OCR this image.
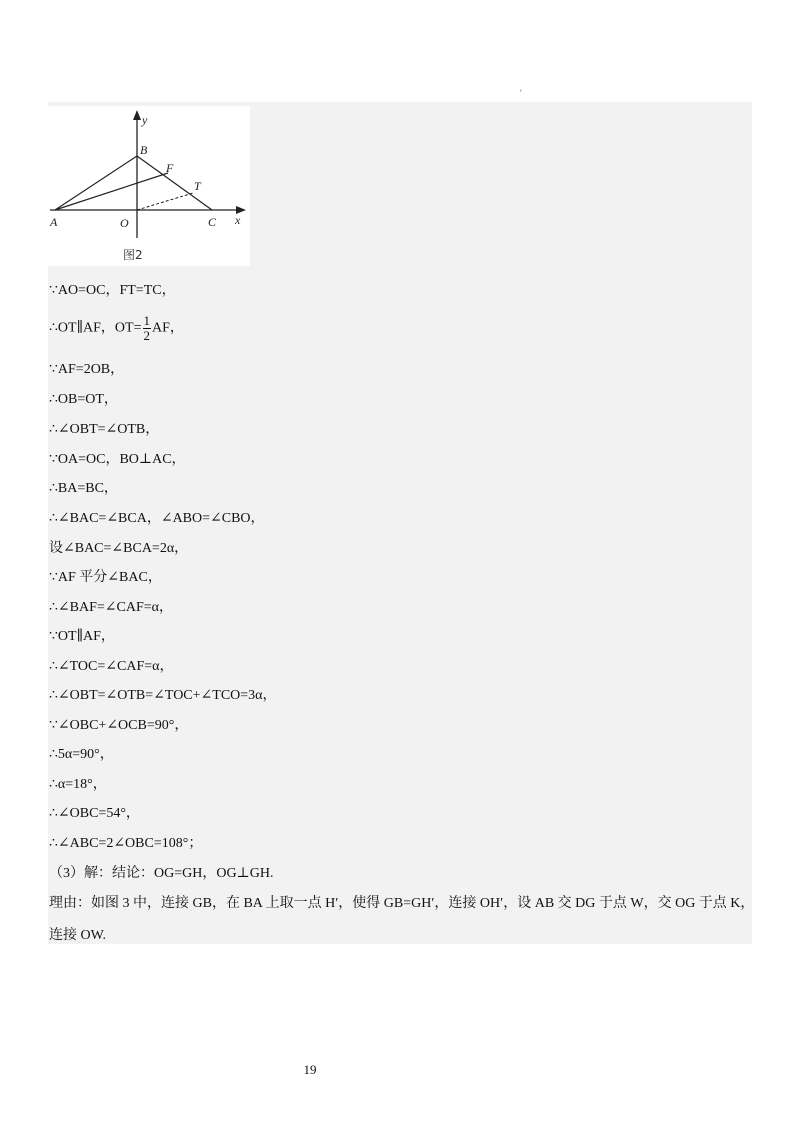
′
y
x
A
B
C
O
F
T
图2
∵AO=OC，FT=TC，
∴OT∥AF，$OT= \frac{1}{2}$ AF，
∵AF=2OB，
∴OB=OT，
∴∠OBT=∠OTB，
∵OA=OC，BO⊥AC，
∴BA=BC，
∴∠BAC=∠BCA，∠ABO=∠CBO，
设∠BAC=∠BCA=2α，
∵AF 平分∠BAC，
∴∠BAF=∠CAF=α，
∵OT∥AF，
∴∠TOC=∠CAF=α，
∴∠OBT=∠OTB=∠TOC+∠TCO=3α，
∵∠OBC+∠OCB=90°，
∴5α=90°，
∴α=18°，
∴∠OBC=54°，
∴∠ABC=2∠OBC=108°；
（3）解：结论：OG=GH，OG⊥GH.
理由：如图 3 中，连接 GB，在 BA 上取一点 H′，使得 GB=GH′，连接 OH′，设 AB 交 DG 于点 W，交 OG 于点 K，
连接 OW.
19
